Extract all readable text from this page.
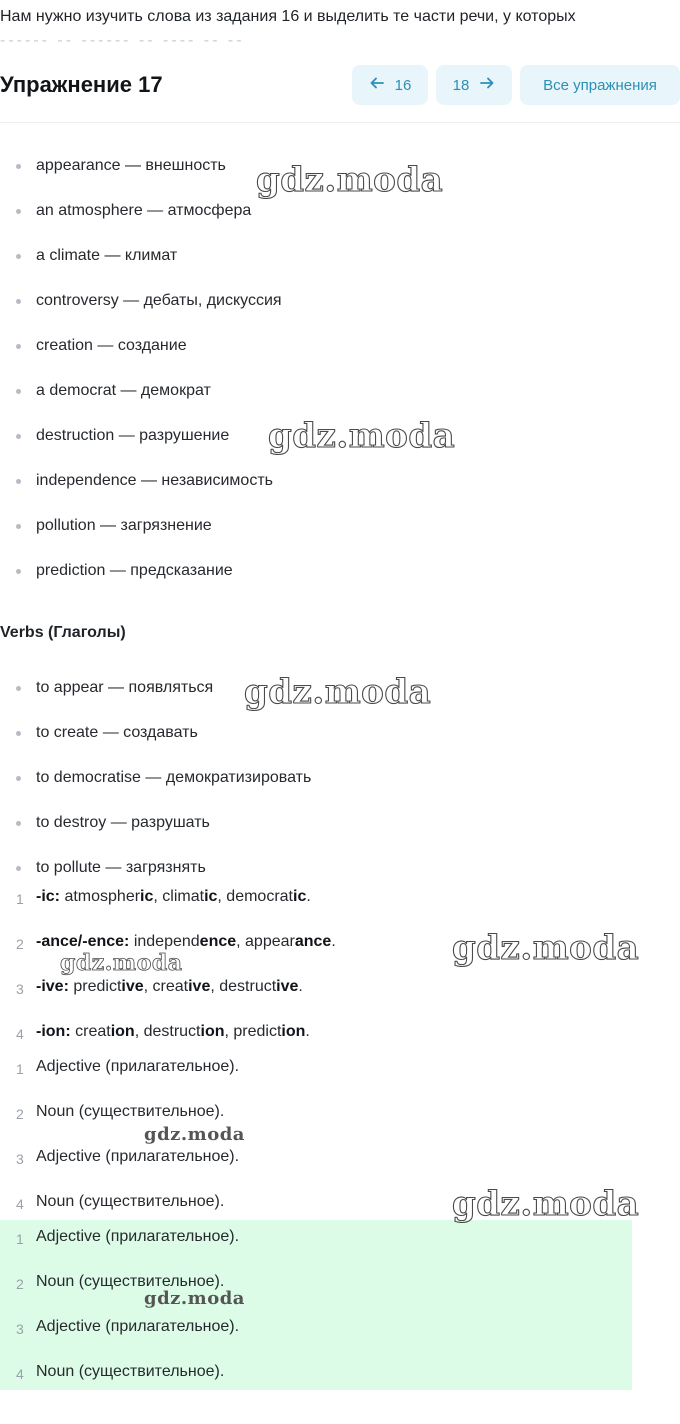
Нам нужно изучить слова из задания 16 и выделить те части речи, у которых
------ -- ------ -- ---- -- --
Упражнение 17	16	18	Все упражнения
appearance — внешность
an atmosphere — атмосфера
a climate — климат
controversy — дебаты, дискуссия
creation — создание
a democrat — демократ
destruction — разрушение
independence — независимость
pollution — загрязнение
prediction — предсказание
Verbs (Глаголы)
to appear — появляться
to create — создавать
to democratise — демократизировать
to destroy — разрушать
to pollute — загрязнять
1 -ic: atmospheric, climatic, democratic.
2 -ance/-ence: independence, appearance.
3 -ive: predictive, creative, destructive.
4 -ion: creation, destruction, prediction.
1 Adjective (прилагательное).
2 Noun (существительное).
3 Adjective (прилагательное).
4 Noun (существительное).
1 Adjective (прилагательное).
2 Noun (существительное).
3 Adjective (прилагательное).
4 Noun (существительное).
gdz.moda
gdz.moda
gdz.moda
gdz.moda
gdz.moda
gdz.moda
gdz.moda
gdz.moda
